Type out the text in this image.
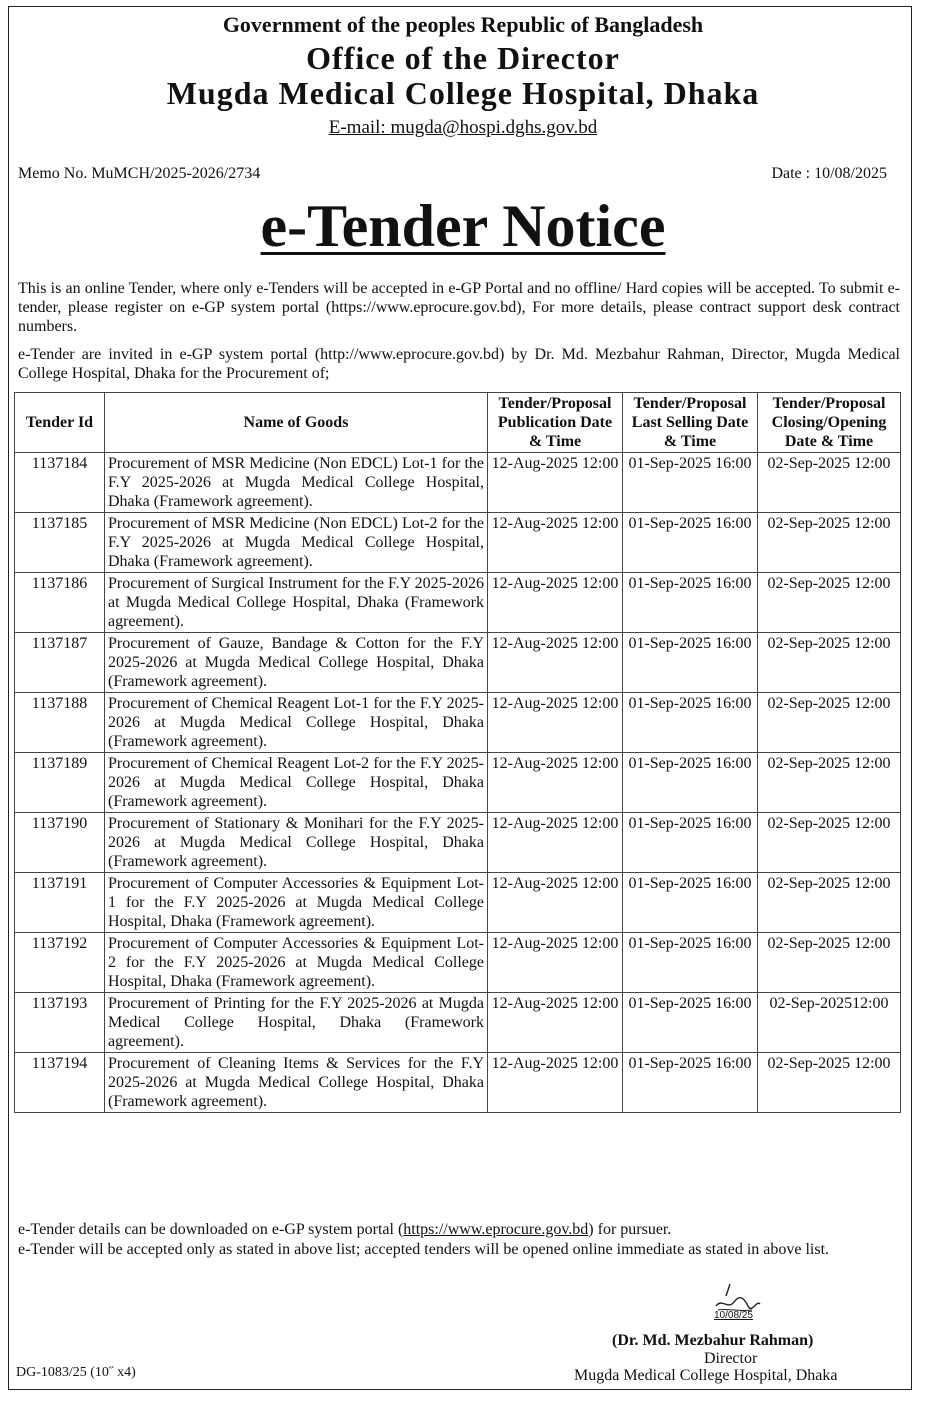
Government of the peoples Republic of Bangladesh
Office of the Director
Mugda Medical College Hospital, Dhaka
E-mail: mugda@hospi.dghs.gov.bd
Memo No. MuMCH/2025-2026/2734	Date : 10/08/2025
e-Tender Notice
This is an online Tender, where only e-Tenders will be accepted in e-GP Portal and no offline/ Hard copies will be accepted. To submit e-tender, please register on e-GP system portal (https://www.eprocure.gov.bd), For more details, please contract support desk contract numbers.
e-Tender are invited in e-GP system portal (http://www.eprocure.gov.bd) by Dr. Md. Mezbahur Rahman, Director, Mugda Medical College Hospital, Dhaka for the Procurement of;
Tender Id	Name of Goods	Tender/Proposal Publication Date & Time	Tender/Proposal Last Selling Date & Time	Tender/Proposal Closing/Opening Date & Time
1137184	Procurement of MSR Medicine (Non EDCL) Lot-1 for the F.Y 2025-2026 at Mugda Medical College Hospital, Dhaka (Framework agreement).	12-Aug-2025 12:00	01-Sep-2025 16:00	02-Sep-2025 12:00
1137185	Procurement of MSR Medicine (Non EDCL) Lot-2 for the F.Y 2025-2026 at Mugda Medical College Hospital, Dhaka (Framework agreement).	12-Aug-2025 12:00	01-Sep-2025 16:00	02-Sep-2025 12:00
1137186	Procurement of Surgical Instrument for the F.Y 2025-2026 at Mugda Medical College Hospital, Dhaka (Framework agreement).	12-Aug-2025 12:00	01-Sep-2025 16:00	02-Sep-2025 12:00
1137187	Procurement of Gauze, Bandage & Cotton for the F.Y 2025-2026 at Mugda Medical College Hospital, Dhaka (Framework agreement).	12-Aug-2025 12:00	01-Sep-2025 16:00	02-Sep-2025 12:00
1137188	Procurement of Chemical Reagent Lot-1 for the F.Y 2025-2026 at Mugda Medical College Hospital, Dhaka (Framework agreement).	12-Aug-2025 12:00	01-Sep-2025 16:00	02-Sep-2025 12:00
1137189	Procurement of Chemical Reagent Lot-2 for the F.Y 2025-2026 at Mugda Medical College Hospital, Dhaka (Framework agreement).	12-Aug-2025 12:00	01-Sep-2025 16:00	02-Sep-2025 12:00
1137190	Procurement of Stationary & Monihari for the F.Y 2025-2026 at Mugda Medical College Hospital, Dhaka (Framework agreement).	12-Aug-2025 12:00	01-Sep-2025 16:00	02-Sep-2025 12:00
1137191	Procurement of Computer Accessories & Equipment Lot-1 for the F.Y 2025-2026 at Mugda Medical College Hospital, Dhaka (Framework agreement).	12-Aug-2025 12:00	01-Sep-2025 16:00	02-Sep-2025 12:00
1137192	Procurement of Computer Accessories & Equipment Lot-2 for the F.Y 2025-2026 at Mugda Medical College Hospital, Dhaka (Framework agreement).	12-Aug-2025 12:00	01-Sep-2025 16:00	02-Sep-2025 12:00
1137193	Procurement of Printing for the F.Y 2025-2026 at Mugda Medical College Hospital, Dhaka (Framework agreement).	12-Aug-2025 12:00	01-Sep-2025 16:00	02-Sep-202512:00
1137194	Procurement of Cleaning Items & Services for the F.Y 2025-2026 at Mugda Medical College Hospital, Dhaka (Framework agreement).	12-Aug-2025 12:00	01-Sep-2025 16:00	02-Sep-2025 12:00
e-Tender details can be downloaded on e-GP system portal (https://www.eprocure.gov.bd) for pursuer.
e-Tender will be accepted only as stated in above list; accepted tenders will be opened online immediate as stated in above list.
10/08/25
(Dr. Md. Mezbahur Rahman)
Director
Mugda Medical College Hospital, Dhaka
DG-1083/25 (10˝ x4)
